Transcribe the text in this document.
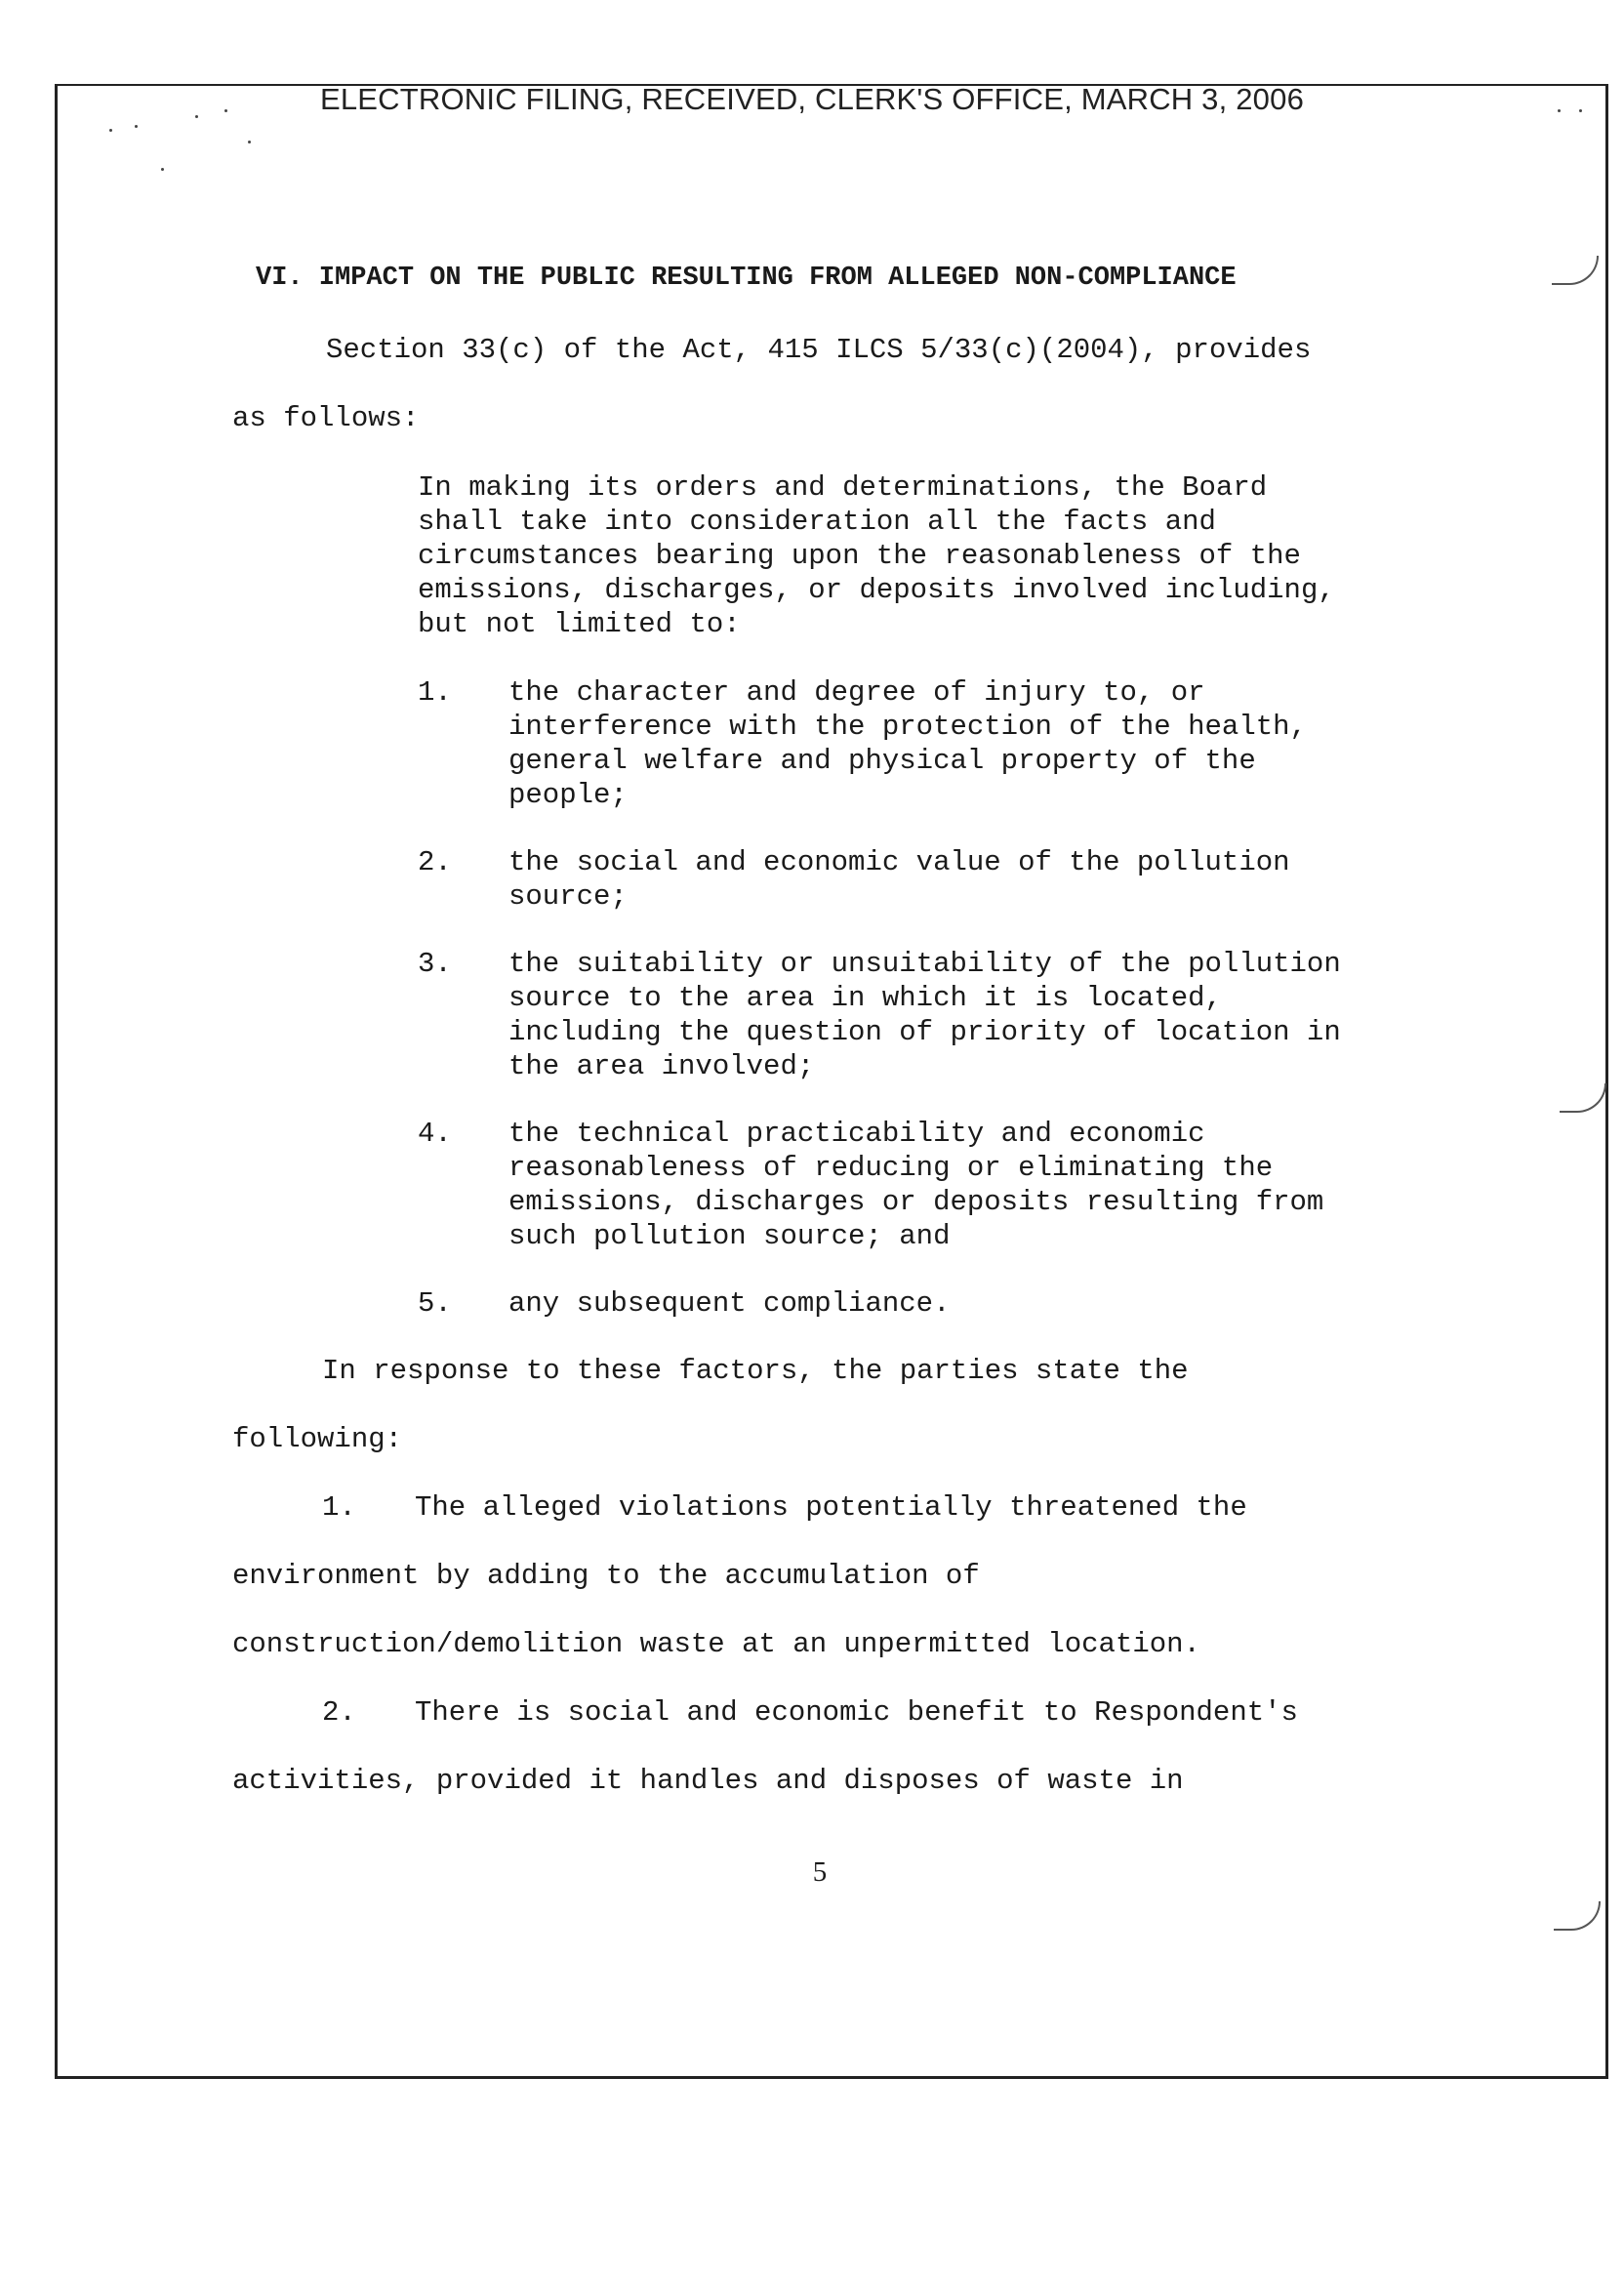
ELECTRONIC FILING, RECEIVED, CLERK'S OFFICE, MARCH 3, 2006
VI. IMPACT ON THE PUBLIC RESULTING FROM ALLEGED NON-COMPLIANCE
Section 33(c) of the Act, 415 ILCS 5/33(c)(2004), provides
as follows:
In making its orders and determinations, the Board
shall take into consideration all the facts and
circumstances bearing upon the reasonableness of the
emissions, discharges, or deposits involved including,
but not limited to:
1. the character and degree of injury to, or
interference with the protection of the health,
general welfare and physical property of the
people;
2. the social and economic value of the pollution
source;
3. the suitability or unsuitability of the pollution
source to the area in which it is located,
including the question of priority of location in
the area involved;
4. the technical practicability and economic
reasonableness of reducing or eliminating the
emissions, discharges or deposits resulting from
such pollution source; and
5. any subsequent compliance.
In response to these factors, the parties state the
following:
1. The alleged violations potentially threatened the
environment by adding to the accumulation of
construction/demolition waste at an unpermitted location.
2. There is social and economic benefit to Respondent's
activities, provided it handles and disposes of waste in
5
